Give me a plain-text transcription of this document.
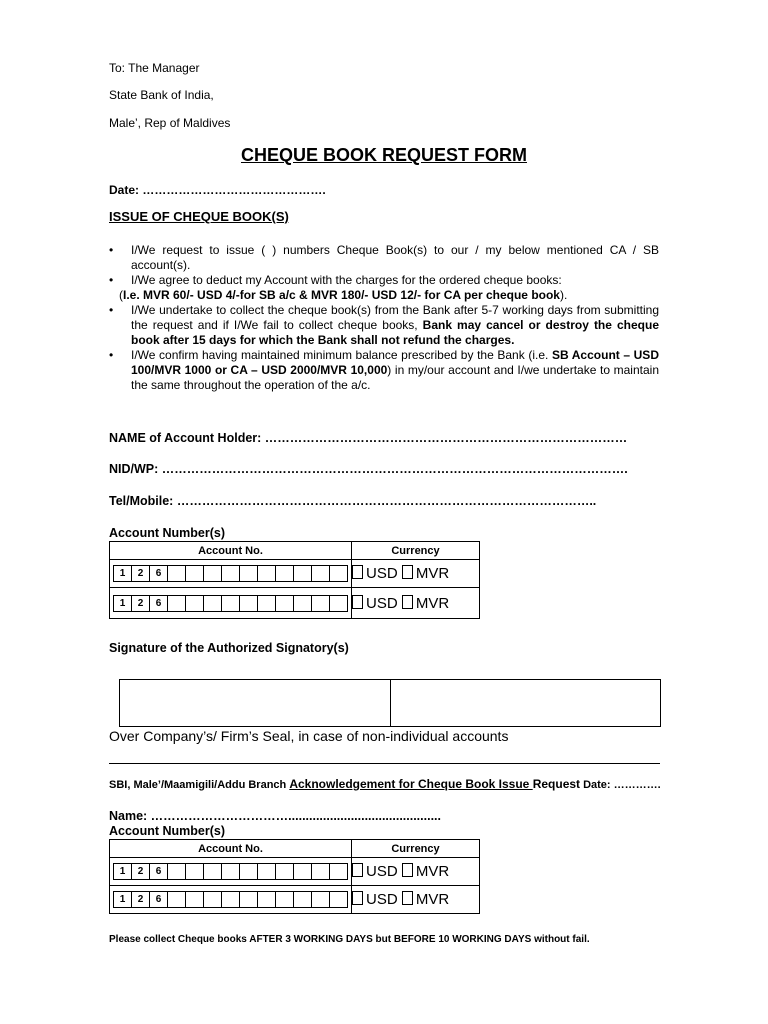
To: The Manager
State Bank of India,
Male’, Rep of Maldives
CHEQUE BOOK REQUEST FORM
Date: ……………………………………….
ISSUE OF CHEQUE BOOK(S)
• I/We request to issue ( ) numbers Cheque Book(s) to our / my below mentioned CA / SB account(s).
• I/We agree to deduct my Account with the charges for the ordered cheque books:
(I.e. MVR 60/- USD 4/-for SB a/c & MVR 180/- USD 12/- for CA per cheque book).
• I/We undertake to collect the cheque book(s) from the Bank after 5-7 working days from submitting the request and if I/We fail to collect cheque books, Bank may cancel or destroy the cheque book after 15 days for which the Bank shall not refund the charges.
• I/We confirm having maintained minimum balance prescribed by the Bank (i.e. SB Account – USD 100/MVR 1000 or CA – USD 2000/MVR 10,000) in my/our account and I/we undertake to maintain the same throughout the operation of the a/c.
NAME of Account Holder: ……………………………………………………………………………
NID/WP: ………………………………………………………………………………………………….
Tel/Mobile: ………………………………………………………………………………………..
Account Number(s)
Account No.	Currency

1 2 6	USD MVR

1 2 6	USD MVR
Signature of the Authorized Signatory(s)
Over Company’s/ Firm’s Seal, in case of non-individual accounts
SBI, Male’/Maamigili/Addu Branch Acknowledgement for Cheque Book Issue Request Date: ………….
Name: ……………………………............................................
Account Number(s)
Account No.	Currency

1 2 6	USD MVR

1 2 6	USD MVR
Please collect Cheque books AFTER 3 WORKING DAYS but BEFORE 10 WORKING DAYS without fail.
